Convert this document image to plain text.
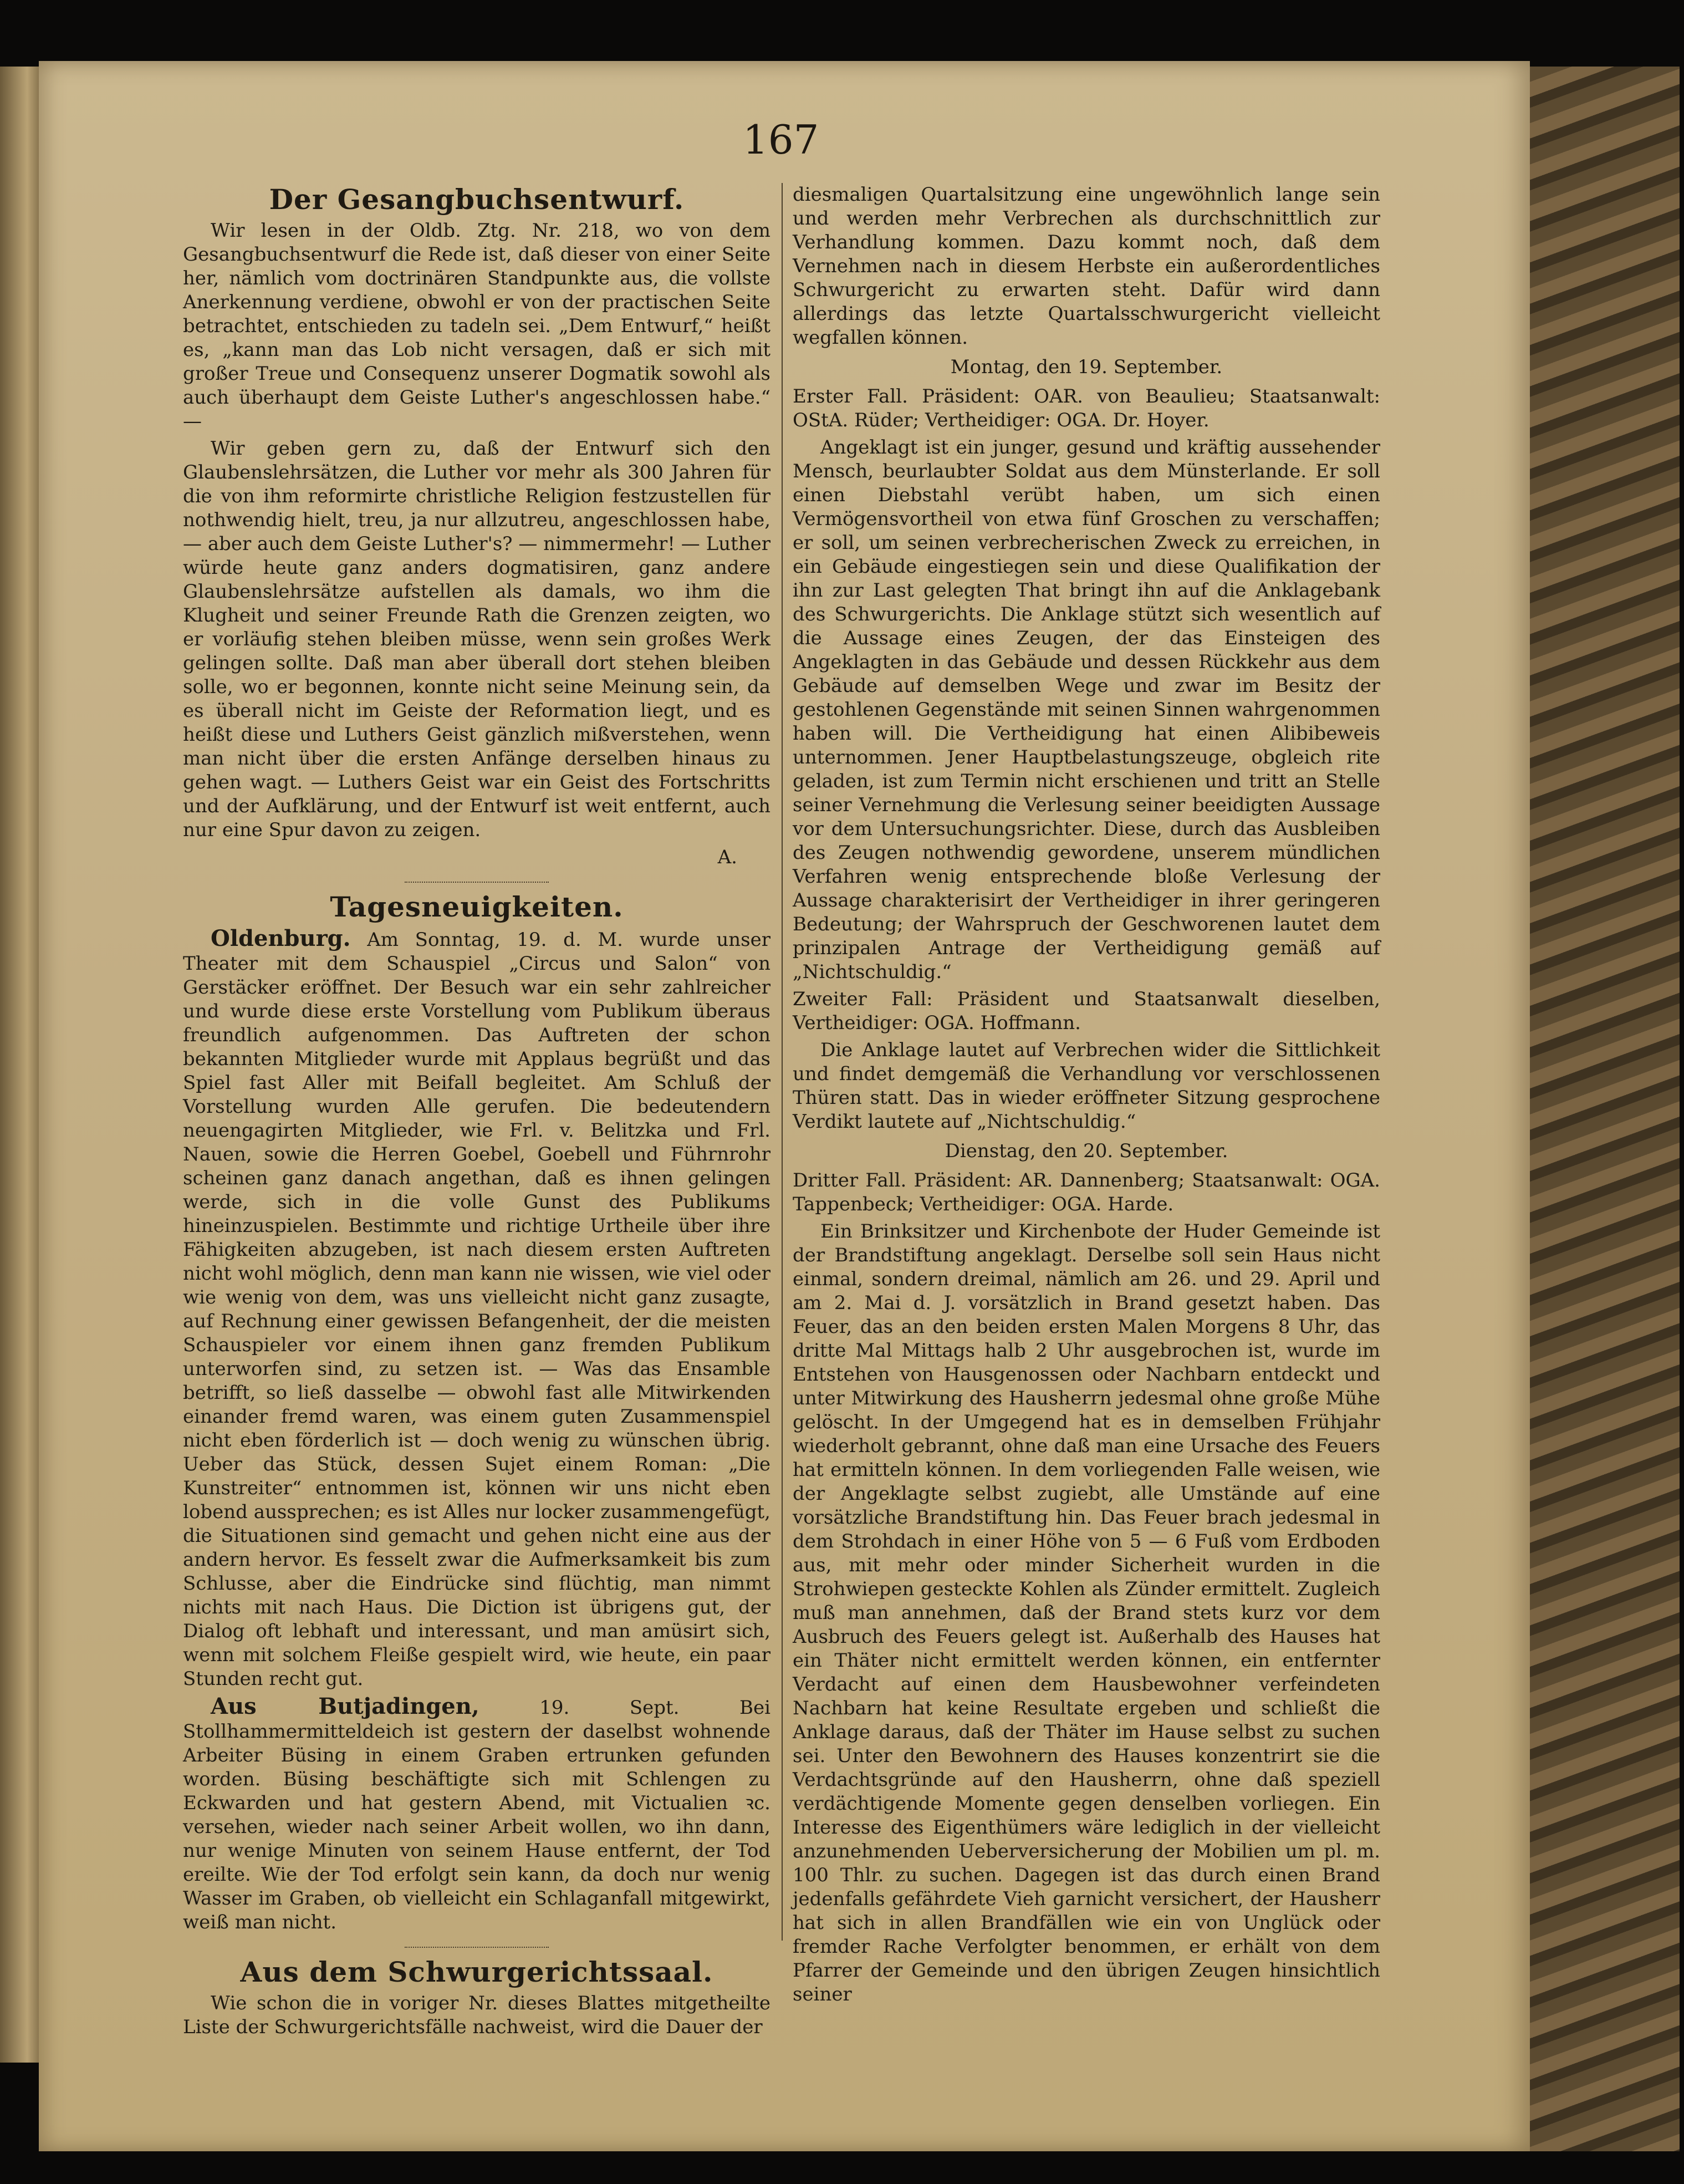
167
Der Gesangbuchsentwurf.

Wir lesen in der Oldb. Ztg. Nr. 218, wo von dem Gesangbuchsentwurf die Rede ist, daß dieser von einer Seite her, nämlich vom doctrinären Standpunkte aus, die vollste Anerkennung verdiene, obwohl er von der practischen Seite betrachtet, entschieden zu tadeln sei. „Dem Entwurf,“ heißt es, „kann man das Lob nicht versagen, daß er sich mit großer Treue und Consequenz unserer Dogmatik sowohl als auch überhaupt dem Geiste Luther's angeschlossen habe.“ —

Wir geben gern zu, daß der Entwurf sich den Glaubenslehrsätzen, die Luther vor mehr als 300 Jahren für die von ihm reformirte christliche Religion festzustellen für nothwendig hielt, treu, ja nur allzutreu, angeschlossen habe, — aber auch dem Geiste Luther's? — nimmermehr! — Luther würde heute ganz anders dogmatisiren, ganz andere Glaubenslehrsätze aufstellen als damals, wo ihm die Klugheit und seiner Freunde Rath die Grenzen zeigten, wo er vorläufig stehen bleiben müsse, wenn sein großes Werk gelingen sollte. Daß man aber überall dort stehen bleiben solle, wo er begonnen, konnte nicht seine Meinung sein, da es überall nicht im Geiste der Reformation liegt, und es heißt diese und Luthers Geist gänzlich mißverstehen, wenn man nicht über die ersten Anfänge derselben hinaus zu gehen wagt. — Luthers Geist war ein Geist des Fortschritts und der Aufklärung, und der Entwurf ist weit entfernt, auch nur eine Spur davon zu zeigen.

A.
Tagesneuigkeiten.

Oldenburg. Am Sonntag, 19. d. M. wurde unser Theater mit dem Schauspiel „Circus und Salon“ von Gerstäcker eröffnet. Der Besuch war ein sehr zahlreicher und wurde diese erste Vorstellung vom Publikum überaus freundlich aufgenommen. Das Auftreten der schon bekannten Mitglieder wurde mit Applaus begrüßt und das Spiel fast Aller mit Beifall begleitet. Am Schluß der Vorstellung wurden Alle gerufen. Die bedeutendern neuengagirten Mitglieder, wie Frl. v. Belitzka und Frl. Nauen, sowie die Herren Goebel, Goebell und Führnrohr scheinen ganz danach angethan, daß es ihnen gelingen werde, sich in die volle Gunst des Publikums hineinzuspielen. Bestimmte und richtige Urtheile über ihre Fähigkeiten abzugeben, ist nach diesem ersten Auftreten nicht wohl möglich, denn man kann nie wissen, wie viel oder wie wenig von dem, was uns vielleicht nicht ganz zusagte, auf Rechnung einer gewissen Befangenheit, der die meisten Schauspieler vor einem ihnen ganz fremden Publikum unterworfen sind, zu setzen ist. — Was das Ensamble betrifft, so ließ dasselbe — obwohl fast alle Mitwirkenden einander fremd waren, was einem guten Zusammenspiel nicht eben förderlich ist — doch wenig zu wünschen übrig. Ueber das Stück, dessen Sujet einem Roman: „Die Kunstreiter“ entnommen ist, können wir uns nicht eben lobend aussprechen; es ist Alles nur locker zusammengefügt, die Situationen sind gemacht und gehen nicht eine aus der andern hervor. Es fesselt zwar die Aufmerksamkeit bis zum Schlusse, aber die Eindrücke sind flüchtig, man nimmt nichts mit nach Haus. Die Diction ist übrigens gut, der Dialog oft lebhaft und interessant, und man amüsirt sich, wenn mit solchem Fleiße gespielt wird, wie heute, ein paar Stunden recht gut.

Aus Butjadingen,	19. Sept. Bei Stollhammermitteldeich ist gestern der daselbst wohnende Arbeiter Büsing in einem Graben ertrunken gefunden worden. Büsing beschäftigte sich mit Schlengen zu Eckwarden und hat gestern Abend, mit Victualien ꝛc. versehen, wieder nach seiner Arbeit wollen, wo ihn dann, nur wenige Minuten von seinem Hause entfernt, der Tod ereilte. Wie der Tod erfolgt sein kann, da doch nur wenig Wasser im Graben, ob vielleicht ein Schlaganfall mitgewirkt, weiß man nicht.

Aus dem Schwurgerichtssaal.

Wie schon die in voriger Nr. dieses Blattes mitgetheilte Liste der Schwurgerichtsfälle nachweist, wird die Dauer der

diesmaligen Quartalsitzung eine ungewöhnlich lange sein und werden mehr Verbrechen als durchschnittlich zur Verhandlung kommen. Dazu kommt noch, daß dem Vernehmen nach in diesem Herbste ein außerordentliches Schwurgericht zu erwarten steht. Dafür wird dann allerdings das letzte Quartalsschwurgericht vielleicht wegfallen können.

Montag, den 19. September.

Erster Fall. Präsident: OAR. von Beaulieu; Staatsanwalt: OStA. Rüder; Vertheidiger: OGA. Dr. Hoyer.

Angeklagt ist ein junger, gesund und kräftig aussehender Mensch, beurlaubter Soldat aus dem Münsterlande. Er soll einen Diebstahl verübt haben, um sich einen Vermögensvortheil von etwa fünf Groschen zu verschaffen; er soll, um seinen verbrecherischen Zweck zu erreichen, in ein Gebäude eingestiegen sein und diese Qualifikation der ihn zur Last gelegten That bringt ihn auf die Anklagebank des Schwurgerichts. Die Anklage stützt sich wesentlich auf die Aussage eines Zeugen, der das Einsteigen des Angeklagten in das Gebäude und dessen Rückkehr aus dem Gebäude auf demselben Wege und zwar im Besitz der gestohlenen Gegenstände mit seinen Sinnen wahrgenommen haben will. Die Vertheidigung hat einen Alibibeweis unternommen. Jener Hauptbelastungszeuge, obgleich rite geladen, ist zum Termin nicht erschienen und tritt an Stelle seiner Vernehmung die Verlesung seiner beeidigten Aussage vor dem Untersuchungsrichter. Diese, durch das Ausbleiben des Zeugen nothwendig gewordene, unserem mündlichen Verfahren wenig entsprechende bloße Verlesung der Aussage charakterisirt der Vertheidiger in ihrer geringeren Bedeutung; der Wahrspruch der Geschworenen lautet dem prinzipalen Antrage der Vertheidigung gemäß auf „Nichtschuldig.“

Zweiter Fall: Präsident und Staatsanwalt dieselben, Vertheidiger: OGA. Hoffmann.

Die Anklage lautet auf Verbrechen wider die Sittlichkeit und findet demgemäß die Verhandlung vor verschlossenen Thüren statt. Das in wieder eröffneter Sitzung gesprochene Verdikt lautete auf „Nichtschuldig.“

Dienstag, den 20. September.

Dritter Fall. Präsident: AR. Dannenberg; Staatsanwalt: OGA. Tappenbeck; Vertheidiger: OGA. Harde.

Ein Brinksitzer und Kirchenbote der Huder Gemeinde ist der Brandstiftung angeklagt. Derselbe soll sein Haus nicht einmal, sondern dreimal, nämlich am 26. und 29. April und am 2. Mai d. J. vorsätzlich in Brand gesetzt haben. Das Feuer, das an den beiden ersten Malen Morgens 8 Uhr, das dritte Mal Mittags halb 2 Uhr ausgebrochen ist, wurde im Entstehen von Hausgenossen oder Nachbarn entdeckt und unter Mitwirkung des Hausherrn jedesmal ohne große Mühe gelöscht. In der Umgegend hat es in demselben Frühjahr wiederholt gebrannt, ohne daß man eine Ursache des Feuers hat ermitteln können. In dem vorliegenden Falle weisen, wie der Angeklagte selbst zugiebt, alle Umstände auf eine vorsätzliche Brandstiftung hin. Das Feuer brach jedesmal in dem Strohdach in einer Höhe von 5 — 6 Fuß vom Erdboden aus, mit mehr oder minder Sicherheit wurden in die Strohwiepen gesteckte Kohlen als Zünder ermittelt. Zugleich muß man annehmen, daß der Brand stets kurz vor dem Ausbruch des Feuers gelegt ist. Außerhalb des Hauses hat ein Thäter nicht ermittelt werden können, ein entfernter Verdacht auf einen dem Hausbewohner verfeindeten Nachbarn hat keine Resultate ergeben und schließt die Anklage daraus, daß der Thäter im Hause selbst zu suchen sei. Unter den Bewohnern des Hauses konzentrirt sie die Verdachtsgründe auf den Hausherrn, ohne daß speziell verdächtigende Momente gegen denselben vorliegen. Ein Interesse des Eigenthümers wäre lediglich in der vielleicht anzunehmenden Ueberversicherung der Mobilien um pl. m. 100 Thlr. zu suchen. Dagegen ist das durch einen Brand jedenfalls gefährdete Vieh garnicht versichert, der Hausherr hat sich in allen Brandfällen wie ein von Unglück oder fremder Rache Verfolgter benommen, er erhält von dem Pfarrer der Gemeinde und den übrigen Zeugen hinsichtlich seiner
